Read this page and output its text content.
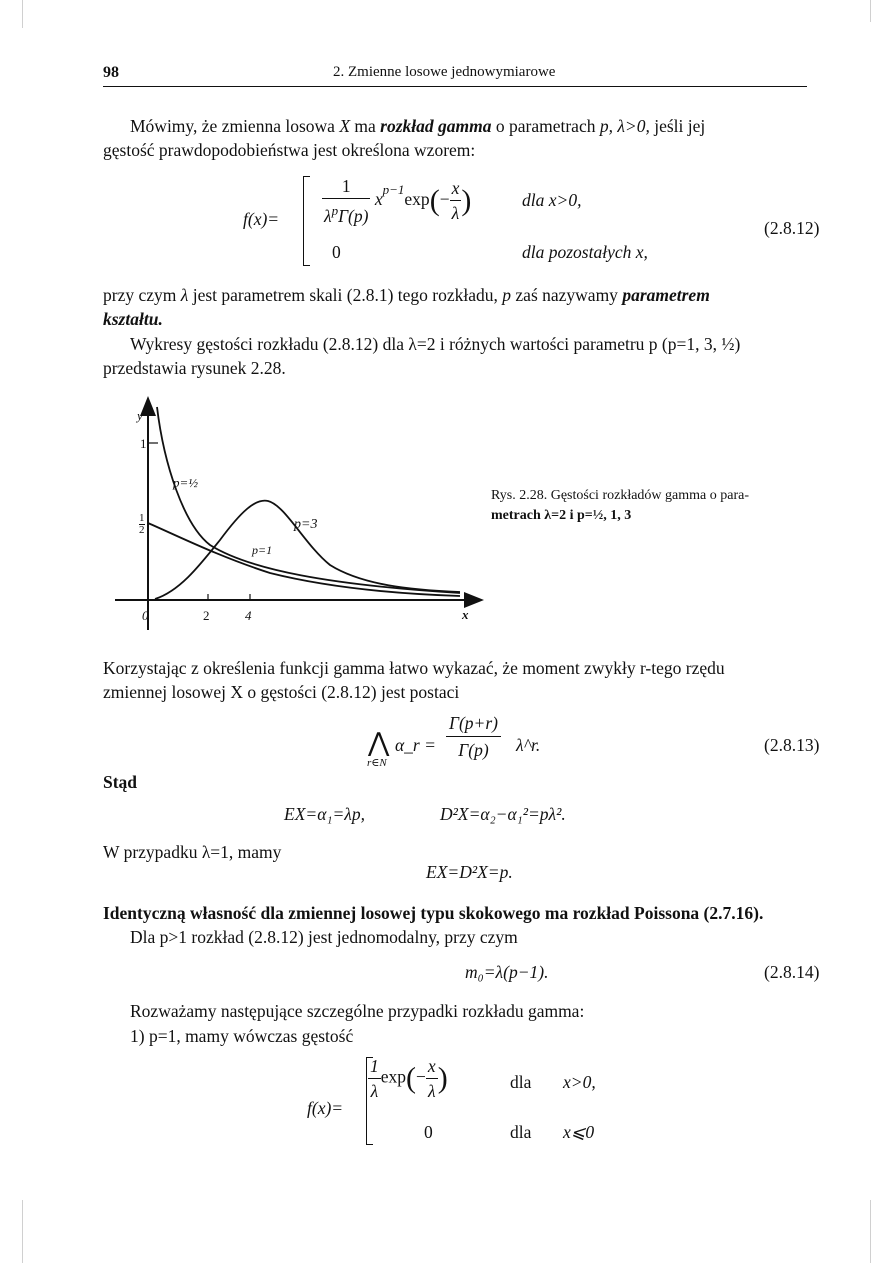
98	2. Zmienne losowe jednowymiarowe
Mówimy, że zmienna losowa X ma rozkład gamma o parametrach p, λ>0, jeśli jej
gęstość prawdopodobieństwa jest określona wzorem:
$f(x)= \frac{1}{\lambda^p\Gamma(p)} x^{p-1}\exp(- \frac{x}{\lambda}$ )	dla x>0,
0	dla pozostałych x,
(2.8.12)
przy czym λ jest parametrem skali (2.8.1) tego rozkładu, p zaś nazywamy parametrem
kształtu.
Wykresy gęstości rozkładu (2.8.12) dla λ=2 i różnych wartości parametru p (p=1, 3, ½)
przedstawia rysunek 2.28.
y
1
1
2
0	2	4	x
p=½
p=1
p=3
Rys. 2.28. Gęstości rozkładów gamma o para-
metrach λ=2 i p=½, 1, 3
Korzystając z określenia funkcji gamma łatwo wykazać, że moment zwykły r-tego rzędu
zmiennej losowej X o gęstości (2.8.12) jest postaci
⋀
r∈N
α_r =
Γ(p+r)
Γ(p)	λ^r.	(2.8.13)
Stąd
EX=α₁=λp,	D²X=α₂−α₁²=pλ².
W przypadku λ=1, mamy
EX=D²X=p.
Identyczną własność dla zmiennej losowej typu skokowego ma rozkład Poissona (2.7.16).
Dla p>1 rozkład (2.8.12) jest jednomodalny, przy czym
m₀=λ(p−1).	(2.8.14)
Rozważamy następujące szczególne przypadki rozkładu gamma:
1) p=1, mamy wówczas gęstość
f(x)=
$\frac{1}{\lambda} \exp(- \frac{x}{\lambda}$ )	dla x>0,
0	dla x⩽0
